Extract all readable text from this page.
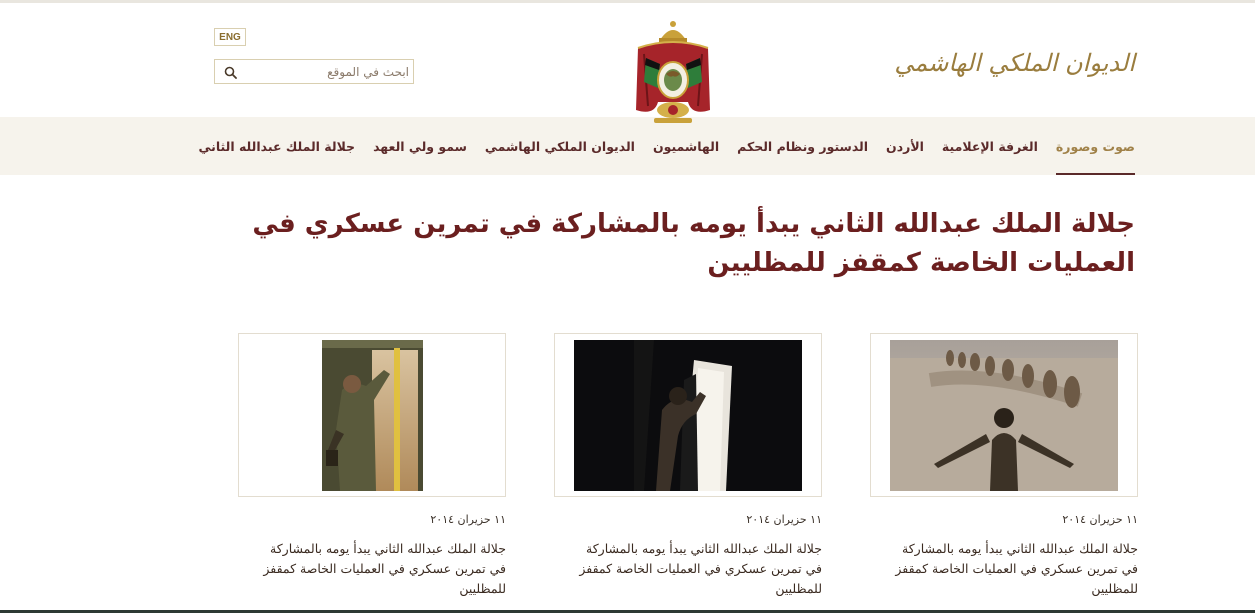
ENG
ابحث في الموقع
الديوان الملكي الهاشمي
جلالة الملك عبدالله الثاني سمو ولي العهد الديوان الملكي الهاشمي الهاشميون الدستور ونظام الحكم الأردن الغرفة الإعلامية صوت وصورة
جلالة الملك عبدالله الثاني يبدأ يومه بالمشاركة في تمرين عسكري في العمليات الخاصة كمقفز للمظليين
١١ حزيران ٢٠١٤
جلالة الملك عبدالله الثاني يبدأ يومه بالمشاركة في تمرين عسكري في العمليات الخاصة كمقفز للمظليين
١١ حزيران ٢٠١٤
جلالة الملك عبدالله الثاني يبدأ يومه بالمشاركة في تمرين عسكري في العمليات الخاصة كمقفز للمظليين
١١ حزيران ٢٠١٤
جلالة الملك عبدالله الثاني يبدأ يومه بالمشاركة في تمرين عسكري في العمليات الخاصة كمقفز للمظليين
